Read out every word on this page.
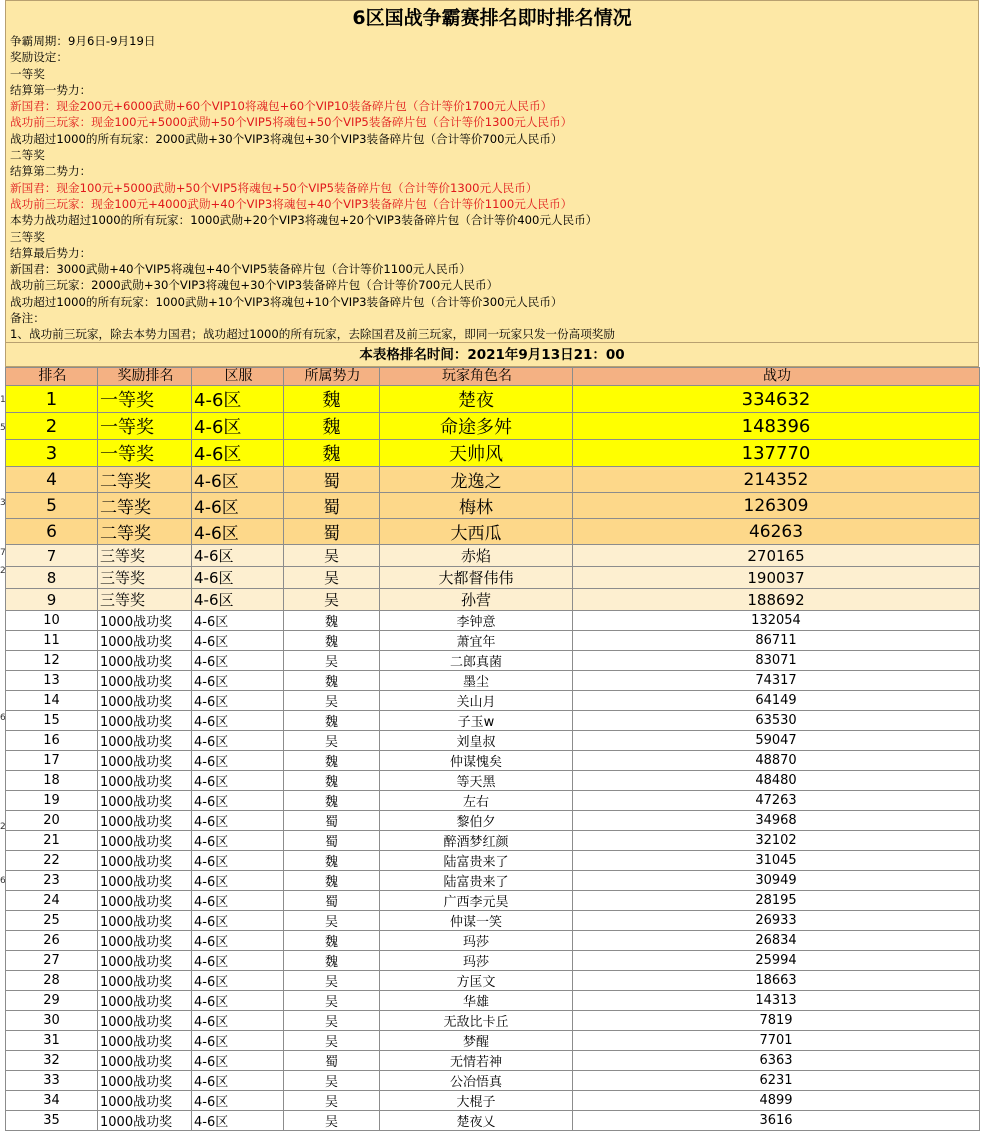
1
5
3
7
2
6
2
6
6区国战争霸赛排名即时排名情况
争霸周期：9月6日-9月19日
奖励设定：
一等奖
结算第一势力：
新国君：现金200元+6000武勋+60个VIP10将魂包+60个VIP10装备碎片包（合计等价1700元人民币）
战功前三玩家：现金100元+5000武勋+50个VIP5将魂包+50个VIP5装备碎片包（合计等价1300元人民币）
战功超过1000的所有玩家：2000武勋+30个VIP3将魂包+30个VIP3装备碎片包（合计等价700元人民币）
二等奖
结算第二势力：
新国君：现金100元+5000武勋+50个VIP5将魂包+50个VIP5装备碎片包（合计等价1300元人民币）
战功前三玩家：现金100元+4000武勋+40个VIP3将魂包+40个VIP3装备碎片包（合计等价1100元人民币）
本势力战功超过1000的所有玩家：1000武勋+20个VIP3将魂包+20个VIP3装备碎片包（合计等价400元人民币）
三等奖
结算最后势力：
新国君：3000武勋+40个VIP5将魂包+40个VIP5装备碎片包（合计等价1100元人民币）
战功前三玩家：2000武勋+30个VIP3将魂包+30个VIP3装备碎片包（合计等价700元人民币）
战功超过1000的所有玩家：1000武勋+10个VIP3将魂包+10个VIP3装备碎片包（合计等价300元人民币）
备注：
1、战功前三玩家，除去本势力国君；战功超过1000的所有玩家，去除国君及前三玩家，即同一玩家只发一份高项奖励
本表格排名时间：2021年9月13日21：00
排名	奖励排名	区服	所属势力	玩家角色名	战功
1	一等奖	4-6区	魏	楚夜	334632
2	一等奖	4-6区	魏	命途多舛	148396
3	一等奖	4-6区	魏	天帅风	137770
4	二等奖	4-6区	蜀	龙逸之	214352
5	二等奖	4-6区	蜀	梅林	126309
6	二等奖	4-6区	蜀	大西瓜	46263
7	三等奖	4-6区	吴	赤焰	270165
8	三等奖	4-6区	吴	大都督伟伟	190037
9	三等奖	4-6区	吴	孙营	188692
10	1000战功奖	4-6区	魏	李钟意	132054
11	1000战功奖	4-6区	魏	萧宜年	86711
12	1000战功奖	4-6区	吴	二郎真菌	83071
13	1000战功奖	4-6区	魏	墨尘	74317
14	1000战功奖	4-6区	吴	关山月	64149
15	1000战功奖	4-6区	魏	子玉w	63530
16	1000战功奖	4-6区	吴	刘皇叔	59047
17	1000战功奖	4-6区	魏	仲谋愧矣	48870
18	1000战功奖	4-6区	魏	等天黑	48480
19	1000战功奖	4-6区	魏	左右	47263
20	1000战功奖	4-6区	蜀	黎伯夕	34968
21	1000战功奖	4-6区	蜀	醉酒梦红颜	32102
22	1000战功奖	4-6区	魏	陆富贵来了	31045
23	1000战功奖	4-6区	魏	陆富贵来了	30949
24	1000战功奖	4-6区	蜀	广西李元昊	28195
25	1000战功奖	4-6区	吴	仲谋一笑	26933
26	1000战功奖	4-6区	魏	玛莎	26834
27	1000战功奖	4-6区	魏	玛莎	25994
28	1000战功奖	4-6区	吴	方匡文	18663
29	1000战功奖	4-6区	吴	华雄	14313
30	1000战功奖	4-6区	吴	无敌比卡丘	7819
31	1000战功奖	4-6区	吴	梦醒	7701
32	1000战功奖	4-6区	蜀	无情若神	6363
33	1000战功奖	4-6区	吴	公冶悟真	6231
34	1000战功奖	4-6区	吴	大棍子	4899
35	1000战功奖	4-6区	吴	楚夜乂	3616
